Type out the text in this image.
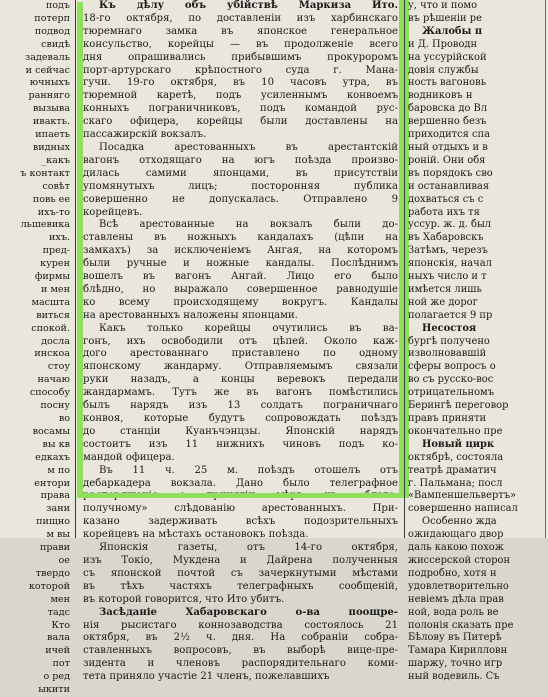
подъ
потерп
подвод
свидѣ
задеваль
и сейчас
ючныхъ
ранняго
вызыва
ивакть.
ипаеть
видных
_какъ
ъ контакт
совѣт
повь ее
ихъ-то
льшевика
ихъ.
пред-
курен
фирмы
и мен
масшта
виться
спокой.
досла
инскоа
стоу
начаю
способу
посну
во
восамы
вы кв
едкахъ
м по
ентори
правa
зани
пищно
м вы
прави
ое
твердо
которой
мен
тадс
Кто
вала
ичей
пот
о ред
ыкити
Къ дѣлу объ убійствѣ Маркиза Ито.
18-го октября, по доставленіи изъ харбинскаго
тюремнаго замка въ японское генеральное
консульство, корейцы — въ продолженіе всего
дня опрашивались прибывшимъ прокуроромъ
порт-артурскаго крѣпостного суда г. Мана-
гучи. 19-го октября, въ 10 часовъ утра, въ
тюремной каретѣ, подъ усиленнымъ конвоемъ
конныхъ пограничниковъ, подъ командой рус-
скаго офицера, корейцы были доставлены на
пассажирскій вокзалъ.
Посадка арестованныхъ въ арестантскій
вагонъ отходящаго на югъ поѣзда произво-
дилась самими японцами, въ присутствіи
упомянутыхъ лицъ; посторонняя публика
совершенно не допускалась. Отправлено 9
корейцевъ.
Всѣ арестованные на вокзалъ были до-
ставлены въ ножныхъ кандалахъ (цѣпи на
замкахъ) за исключеніемъ Ангая, на которомъ
были ручные и ножные кандалы. Послѣднимъ
вошелъ въ вагонъ Ангай. Лицо его было
блѣдно, но выражало совершенное равнодушіе
ко всему происходящему вокругъ. Кандалы
на арестованныхъ наложены японцами.
Какъ только корейцы очутились въ ва-
гонъ, ихъ освободили отъ цѣпей. Около каж-
дого арестованнаго приставлено по одному
японскому жандарму. Отправляемымъ связали
руки назадъ, а концы веревокъ передали
жандармамъ. Тутъ же въ вагонъ помѣстились
былъ нарядъ изъ 13 солдатъ пограничнаго
конвоя, которые будутъ сопровождать поѣздъ
до станціи Куанъчэнцзы. Японскій нарядъ
состоитъ изъ 11 нижнихъ чиновъ подъ ко-
мандой офицера.
Въ 11 ч. 25 м. поѣздъ отошелъ отъ
дебаркадера вокзала. Дано было телеграфное
получному» слѣдованію арестованныхъ. При-
казано задерживать всѣхъ подозрительныхъ
корейцевъ на мѣстахъ остановокъ поѣзда.
Японскія газеты, отъ 14-го октября,
изъ Токіо, Мукдена и Дайрена полученныя
съ японской почтой съ зачеркнутыми мѣстами
въ тѣхъ частяхъ телеграфныхъ сообщеній,
въ которой говорится, что Ито убитъ.
Засѣданіе Хабаровскаго о-ва поощре-
нія рысистаго коннозаводства состоялось 21
октября, въ 2½ ч. дня. На собраніи собра-
ставленныхъ вопросовъ, въ выборѣ вице-пре-
зидента и членовъ распорядительнаго коми-
тета приняло участіе 21 членъ, пожелавшихъ
у, что и помо
въ рѣшеніи ре
Жалобы п
и Д. Проводн
на уссурійской
довія службы
ность вагоновь
водниковъ н
баровска до Вл
вершенно безъ
приходится спа
ный отдыхъ и в
роній. Они обя
въ порядокъ сво
и останавливая
дохваться съ с
работа ихъ тя
уссур. ж. д. был
въ Хабаровскъ
Затѣмъ, черезъ
японскія, начал
ныхъ число и т
имѣется лишь
ной же дорог
полагается 9 пр
Несостоя
бургѣ получено
изволновавшій
сферы вопросъ о
во съ русско-вос
отрицательномъ
Берингѣ переговор
правъ приняти
окончательно пре
Новый цирк
октябрѣ, состояла
театрѣ драматич
г. Пальмана; посл
«Вампеншельвертъ»
совершенно написал
Особенно жда
ожидающаго двор
даль какою похож
жиссерской сторон
подробно, хотя н
удовлетворительно
невіемъ дѣла прав
ной, вода роль ве
полонія сказать пре
Бѣлову въ Питерѣ
Тамара Кирилловн
шаржу, точно игр
ный водевиль. Съ
